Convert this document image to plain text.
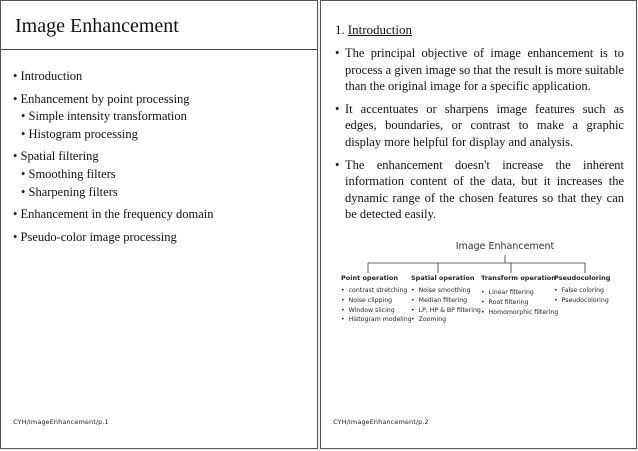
Image Enhancement
• Introduction
• Enhancement by point processing
• Simple intensity transformation
• Histogram processing
• Spatial filtering
• Smoothing filters
• Sharpening filters
• Enhancement in the frequency domain
• Pseudo-color image processing
CYH/ImageEnhancement/p.1
1. Introduction
• The principal objective of image enhancement is to process a given image so that the result is more suitable than the original image for a specific application.
• It accentuates or sharpens image features such as edges, boundaries, or contrast to make a graphic display more helpful for display and analysis.
• The enhancement doesn't increase the inherent information content of the data, but it increases the dynamic range of the chosen features so that they can be detected easily.
Image Enhancement
Point operation
• contrast stretching
• Noise clipping
• Window slicing
• Histogram modeling
Spatial operation
• Noise smoothing
• Median filtering
• LP, HP & BP filtering
• Zooming
Transform operation
• Linear filtering
• Root filtering
• Homomorphic filtering
Pseudocoloring
• False coloring
• Pseudocoloring
CYH/ImageEnhancement/p.2
